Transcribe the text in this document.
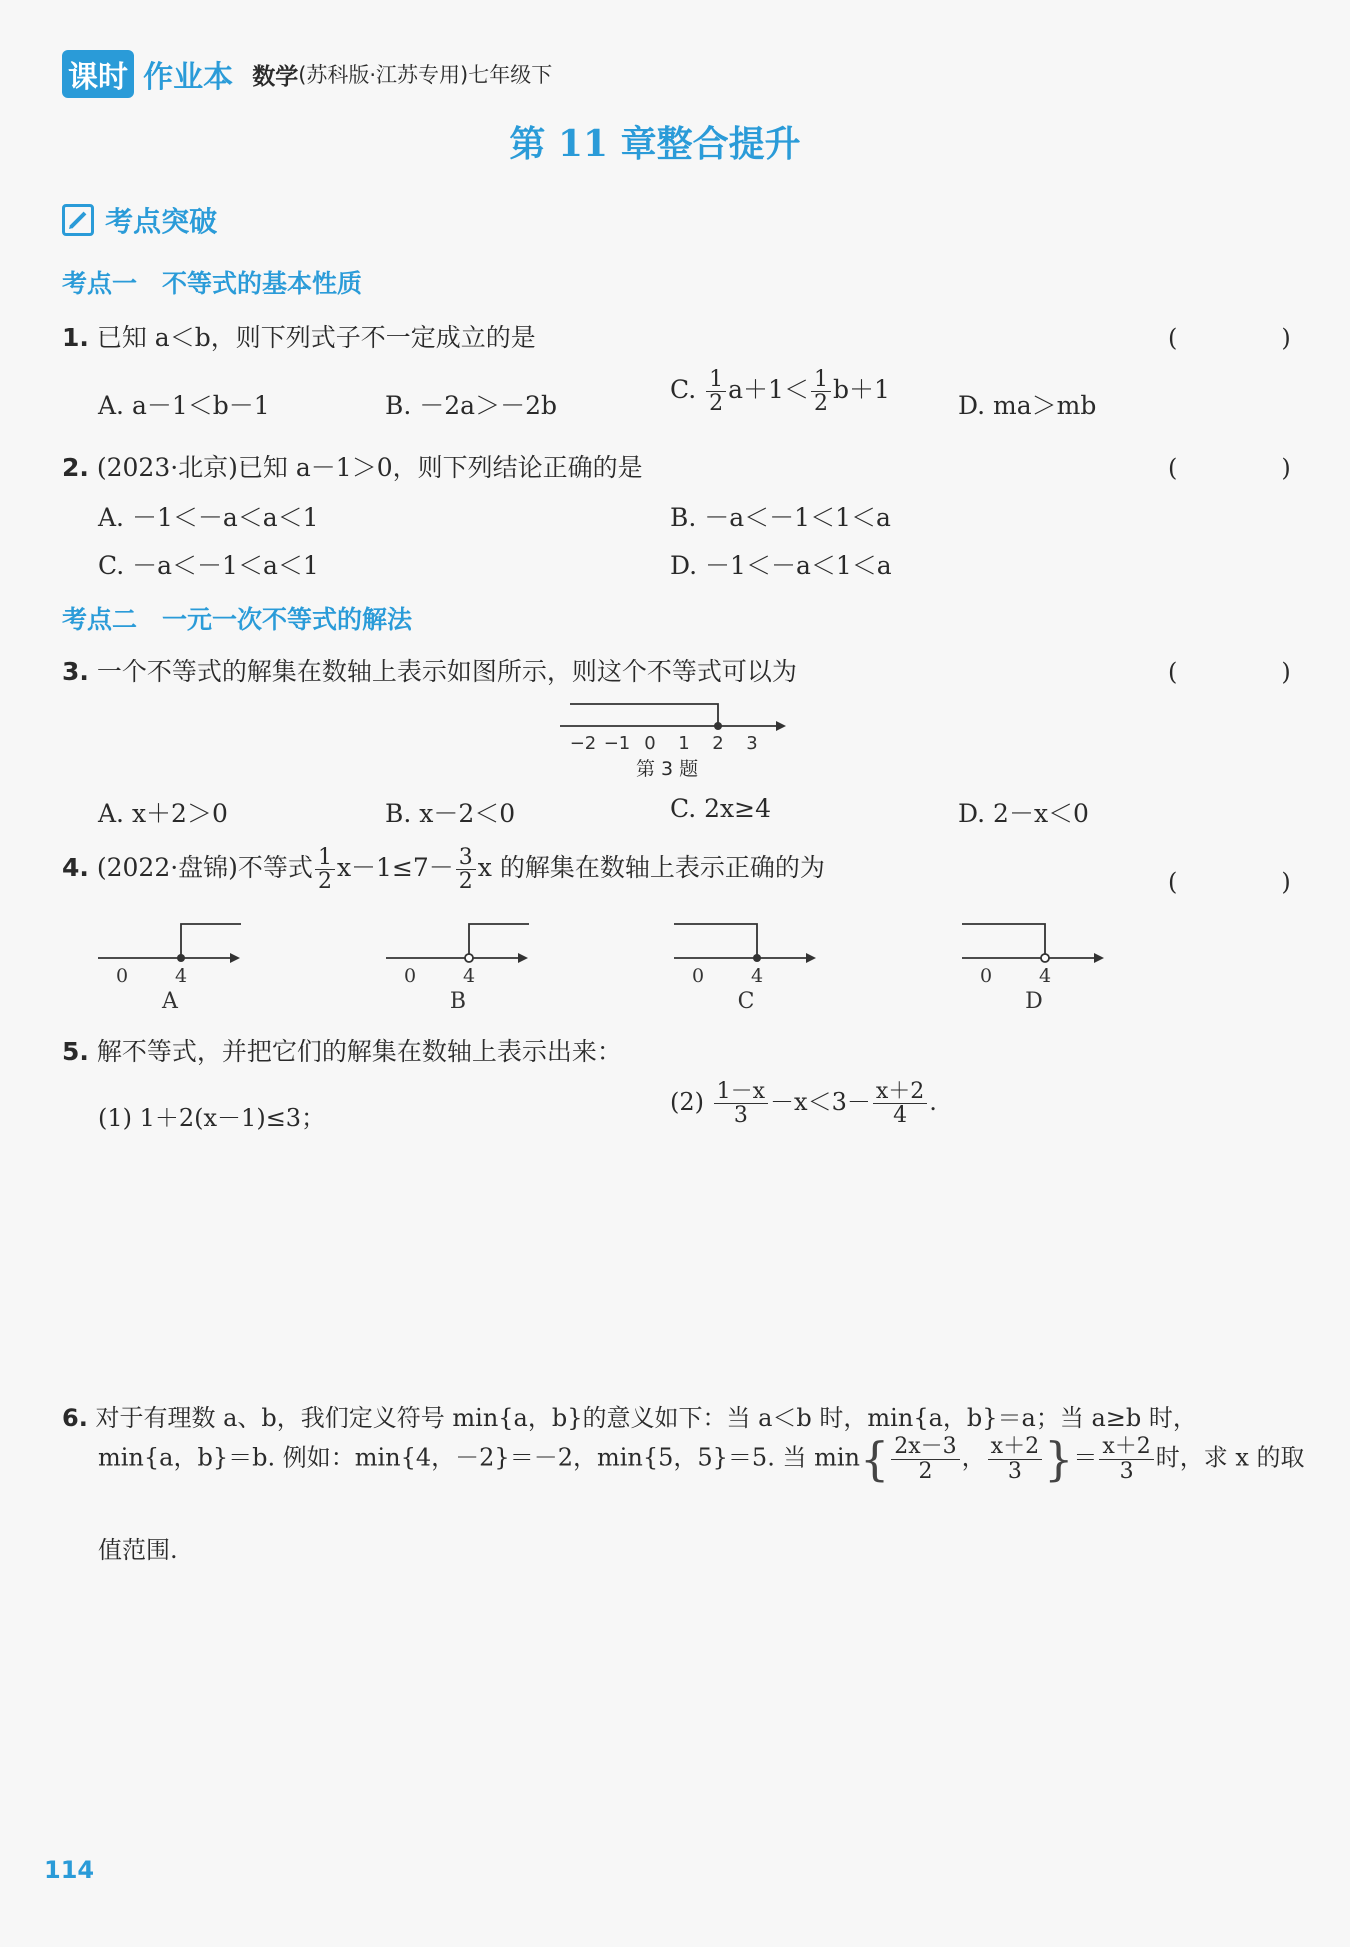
课时 作业本 数学(苏科版·江苏专用)七年级下
第 11 章整合提升
考点突破
考点一　不等式的基本性质
1. 已知 a＜b，则下列式子不一定成立的是	(　)
A. a－1＜b－1	B. －2a＞－2b
C. $\frac{1}{2} a+1< \frac{1}{2} b+1$
D. ma＞mb
2. (2023·北京)已知 a－1＞0，则下列结论正确的是	(　)
A. －1＜－a＜a＜1	B. －a＜－1＜1＜a
C. －a＜－1＜a＜1	D. －1＜－a＜1＜a
考点二　一元一次不等式的解法
3. 一个不等式的解集在数轴上表示如图所示，则这个不等式可以为	(　)
−2 −1 0 1 2 3
第 3 题
A. x＋2＞0	B. x－2＜0	C. 2x≥4	D. 2－x＜0
4. (2022·盘锦)不等式 $\frac{1}{2} x-1\le 7- \frac{3}{2}$ x 的解集在数轴上表示正确的为	(　)
0 4
A
0 4
B
0 4
C
0 4
D
5. 解不等式，并把它们的解集在数轴上表示出来：
(1) 1＋2(x－1)≤3；
$(2) \frac{1-x}{3} -x<3- \frac{x+2}{4}$ .
6. 对于有理数 a、b，我们定义符号 min{a，b}的意义如下：当 a＜b 时，min{a，b}＝a；当 a≥b 时，
min{a，b}＝b. 例如：min{4，－2}＝－2，min{5，5}＝5. 当 $\min\{ \frac{2x-3}{2}$ ， $\frac{x+2}{3}$ }＝ $\frac{x+2}{3}$ 时，求 x 的取
值范围.
114
